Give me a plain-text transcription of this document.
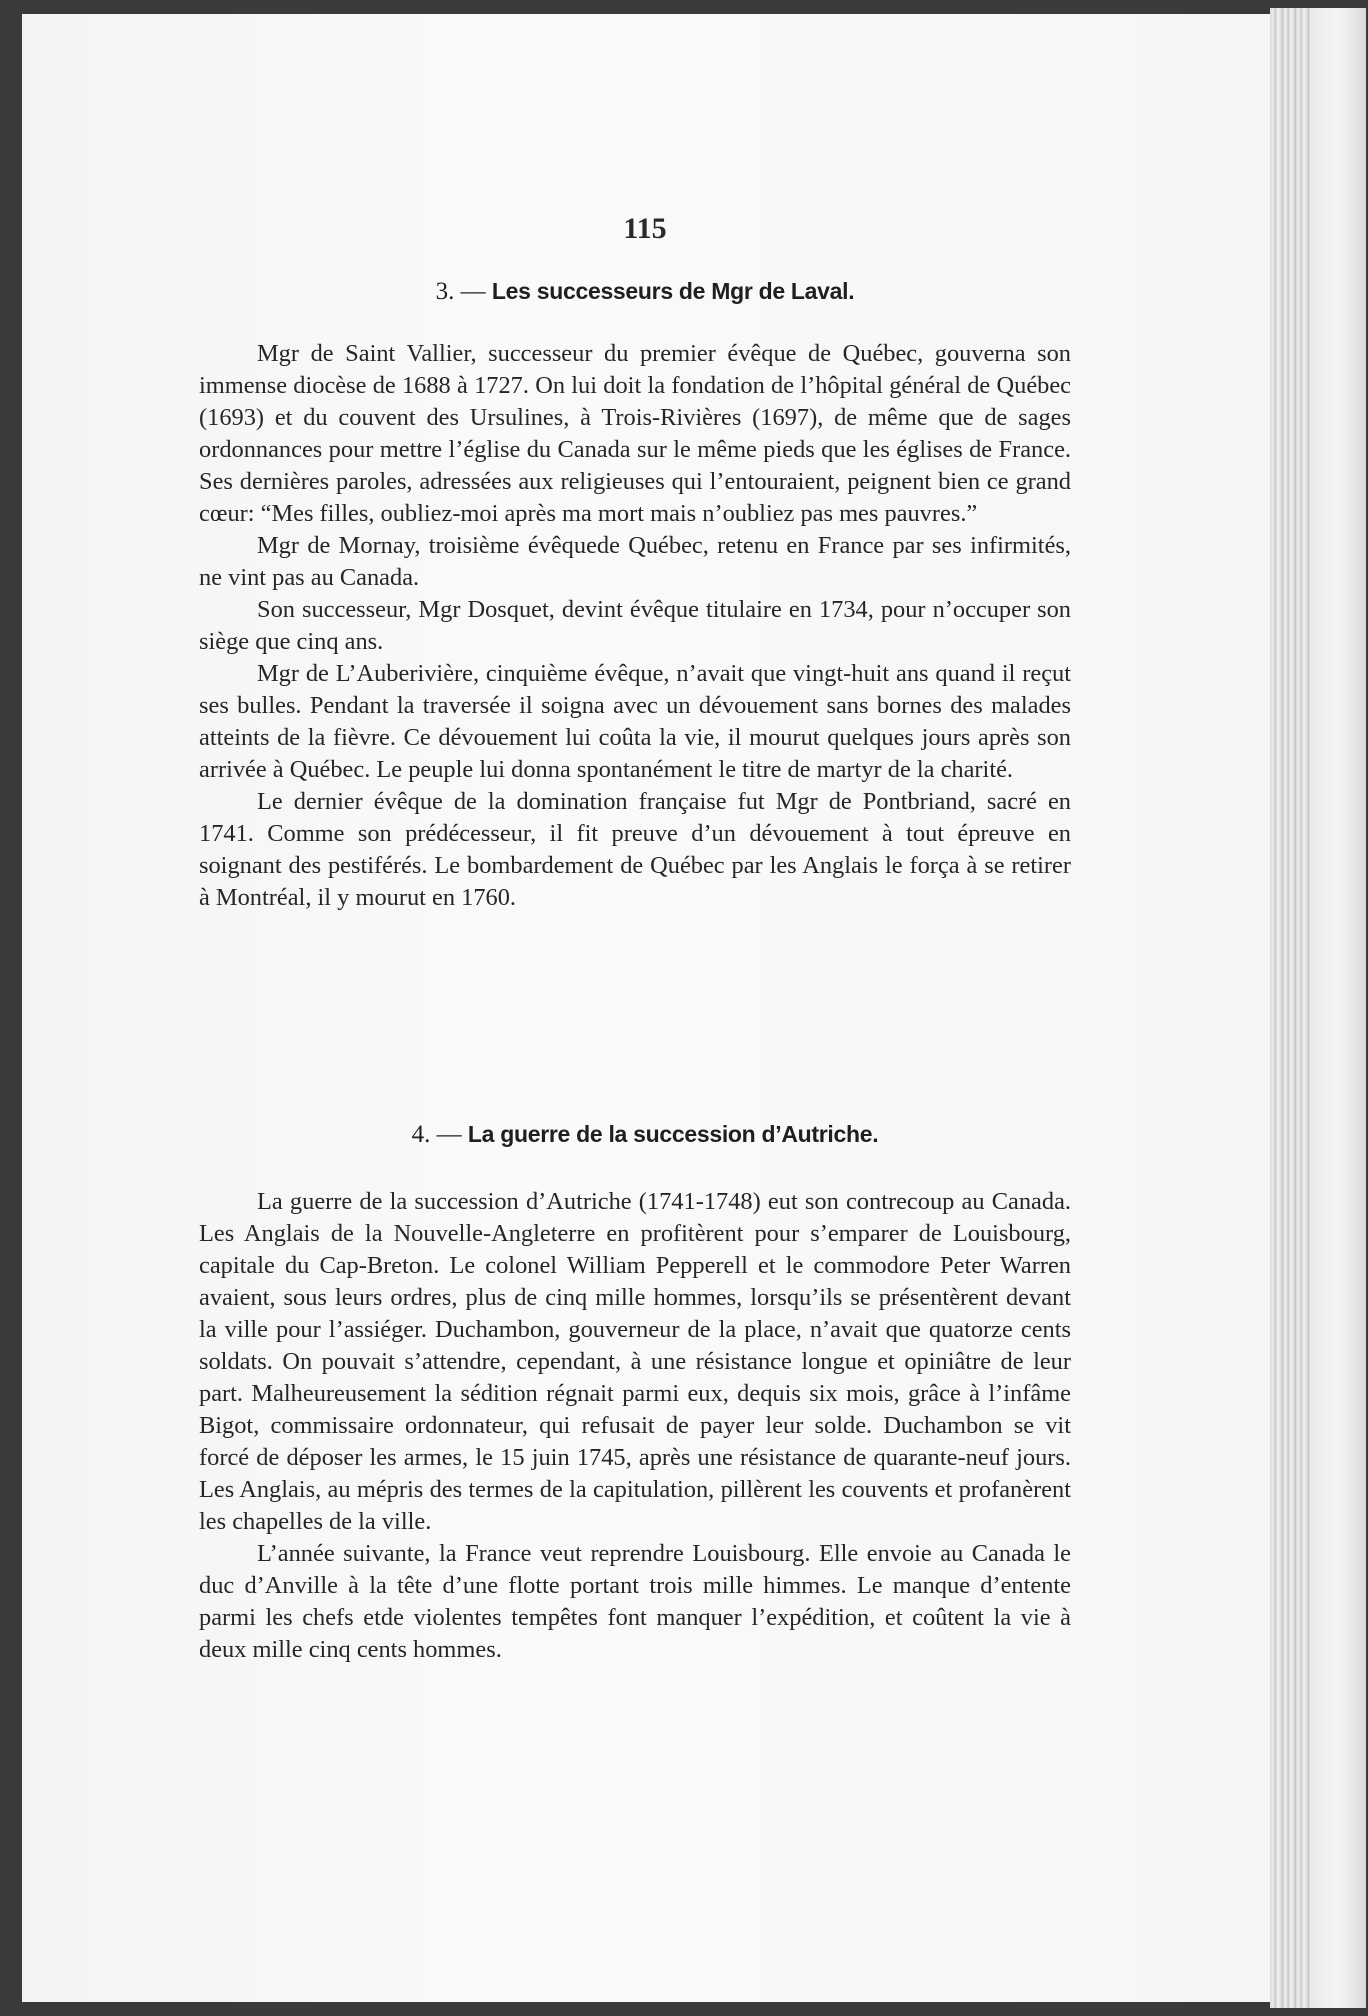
115
3. — Les successeurs de Mgr de Laval.

Mgr de Saint Vallier, successeur du premier évêque de Québec, gouverna son immense diocèse de 1688 à 1727. On lui doit la fondation de l’hôpital général de Québec (1693) et du couvent des Ursulines, à Trois-Rivières (1697), de même que de sages ordonnances pour mettre l’église du Canada sur le même pieds que les églises de France. Ses dernières paroles, adressées aux religieuses qui l’entouraient, peignent bien ce grand cœur: “Mes filles, oubliez-moi après ma mort mais n’oubliez pas mes pauvres.”

Mgr de Mornay, troisième évêquede Québec, retenu en France par ses infirmités, ne vint pas au Canada.

Son successeur, Mgr Dosquet, devint évêque titulaire en 1734, pour n’occuper son siège que cinq ans.

Mgr de L’Auberivière, cinquième évêque, n’avait que vingt-huit ans quand il reçut ses bulles. Pendant la traversée il soigna avec un dévouement sans bornes des malades atteints de la fièvre. Ce dévouement lui coûta la vie, il mourut quelques jours après son arrivée à Québec. Le peuple lui donna spontanément le titre de martyr de la charité.

Le dernier évêque de la domination française fut Mgr de Pontbriand, sacré en 1741. Comme son prédécesseur, il fit preuve d’un dévouement à tout épreuve en soignant des pestiférés. Le bombardement de Québec par les Anglais le força à se retirer à Montréal, il y mourut en 1760.

4. — La guerre de la succession d’Autriche.

La guerre de la succession d’Autriche (1741-1748) eut son contrecoup au Canada. Les Anglais de la Nouvelle-Angleterre en profitèrent pour s’emparer de Louisbourg, capitale du Cap-Breton. Le colonel William Pepperell et le commodore Peter Warren avaient, sous leurs ordres, plus de cinq mille hommes, lorsqu’ils se présentèrent devant la ville pour l’assiéger. Duchambon, gouverneur de la place, n’avait que quatorze cents soldats. On pouvait s’attendre, cependant, à une résistance longue et opiniâtre de leur part. Malheureusement la sédition régnait parmi eux, dequis six mois, grâce à l’infâme Bigot, commissaire ordonnateur, qui refusait de payer leur solde. Duchambon se vit forcé de déposer les armes, le 15 juin 1745, après une résistance de quarante-neuf jours. Les Anglais, au mépris des termes de la capitulation, pillèrent les couvents et profanèrent les chapelles de la ville.

L’année suivante, la France veut reprendre Louisbourg. Elle envoie au Canada le duc d’Anville à la tête d’une flotte portant trois mille himmes. Le manque d’entente parmi les chefs etde violentes tempêtes font manquer l’expédition, et coûtent la vie à deux mille cinq cents hommes.
